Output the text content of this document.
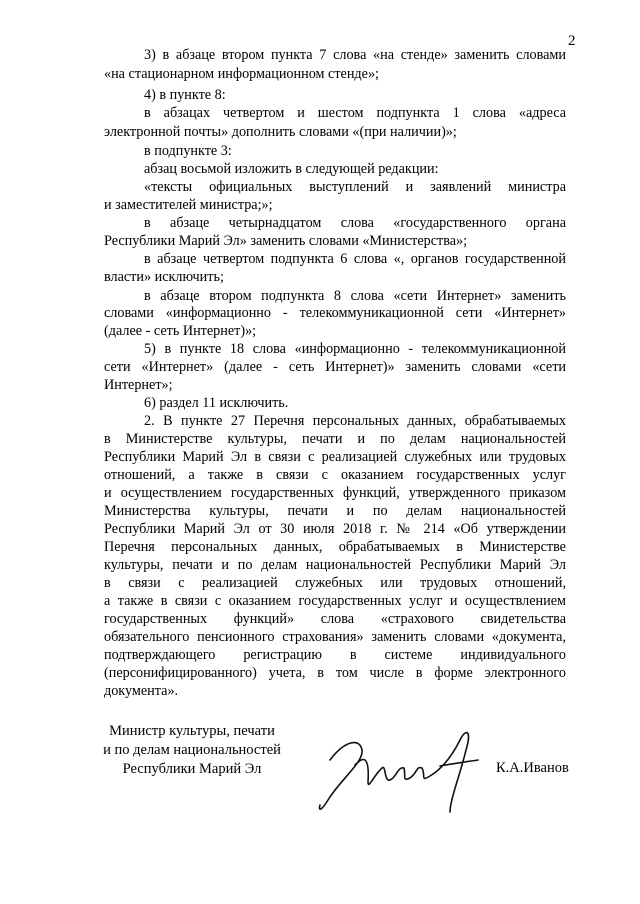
2
3) в абзаце втором пункта 7 слова «на стенде» заменить словами
«на стационарном информационном стенде»;
4) в пункте 8:
в абзацах четвертом и шестом подпункта 1 слова «адреса
электронной почты» дополнить словами «(при наличии)»;
в подпункте 3:
абзац восьмой изложить в следующей редакции:
«тексты официальных выступлений и заявлений министра
и заместителей министра;»;
в абзаце четырнадцатом слова «государственного органа
Республики Марий Эл» заменить словами «Министерства»;
в абзаце четвертом подпункта 6 слова «, органов государственной
власти» исключить;
в абзаце втором подпункта 8 слова «сети Интернет» заменить
словами «информационно - телекоммуникационной сети «Интернет»
(далее - сеть Интернет)»;
5) в пункте 18 слова «информационно - телекоммуникационной
сети «Интернет» (далее - сеть Интернет)» заменить словами «сети
Интернет»;
6) раздел 11 исключить.
2. В пункте 27 Перечня персональных данных, обрабатываемых
в Министерстве культуры, печати и по делам национальностей
Республики Марий Эл в связи с реализацией служебных или трудовых
отношений, а также в связи с оказанием государственных услуг
и осуществлением государственных функций, утвержденного приказом
Министерства культуры, печати и по делам национальностей
Республики Марий Эл от 30 июля 2018 г. № 214 «Об утверждении
Перечня персональных данных, обрабатываемых в Министерстве
культуры, печати и по делам национальностей Республики Марий Эл
в связи с реализацией служебных или трудовых отношений,
а также в связи с оказанием государственных услуг и осуществлением
государственных функций» слова «страхового свидетельства
обязательного пенсионного страхования» заменить словами «документа,
подтверждающего регистрацию в системе индивидуального
(персонифицированного) учета, в том числе в форме электронного
документа».
Министр культуры, печати
и по делам национальностей
Республики Марий Эл	К.А.Иванов
